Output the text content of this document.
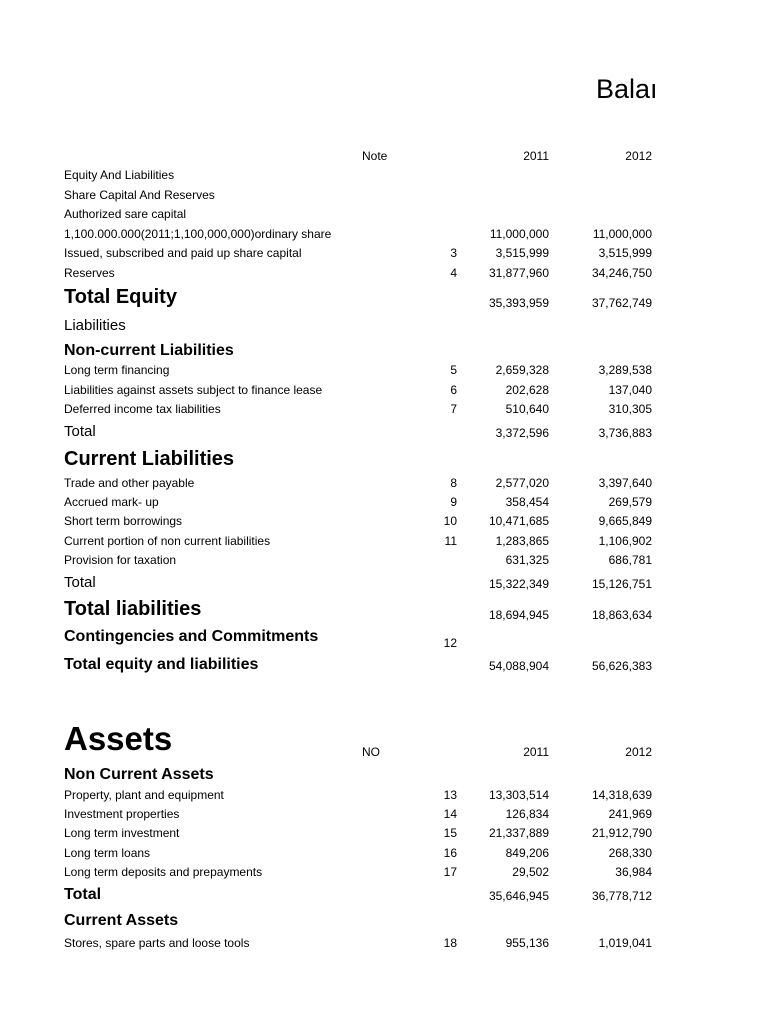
Balaı
Note	2011	2012
Equity And Liabilities
Share Capital And Reserves
Authorized sare capital
1,100.000.000(2011;1,100,000,000)ordinary share	11,000,000	11,000,000
Issued, subscribed and paid up share capital	3	3,515,999	3,515,999
Reserves	4	31,877,960	34,246,750
Total Equity	35,393,959	37,762,749
Liabilities
Non-current Liabilities
Long term financing	5	2,659,328	3,289,538
Liabilities against assets subject to finance lease	6	202,628	137,040
Deferred income tax liabilities	7	510,640	310,305
Total	3,372,596	3,736,883
Current Liabilities
Trade and other payable	8	2,577,020	3,397,640
Accrued mark- up	9	358,454	269,579
Short term borrowings	10	10,471,685	9,665,849
Current portion of non current liabilities	11	1,283,865	1,106,902
Provision for taxation	631,325	686,781
Total	15,322,349	15,126,751
Total liabilities	18,694,945	18,863,634
Contingencies and Commitments	12
Total equity and liabilities	54,088,904	56,626,383
Assets	NO	2011	2012
Non Current Assets
Property, plant and equipment	13	13,303,514	14,318,639
Investment properties	14	126,834	241,969
Long term investment	15	21,337,889	21,912,790
Long term loans	16	849,206	268,330
Long term deposits and prepayments	17	29,502	36,984
Total	35,646,945	36,778,712
Current Assets
Stores, spare parts and loose tools	18	955,136	1,019,041
